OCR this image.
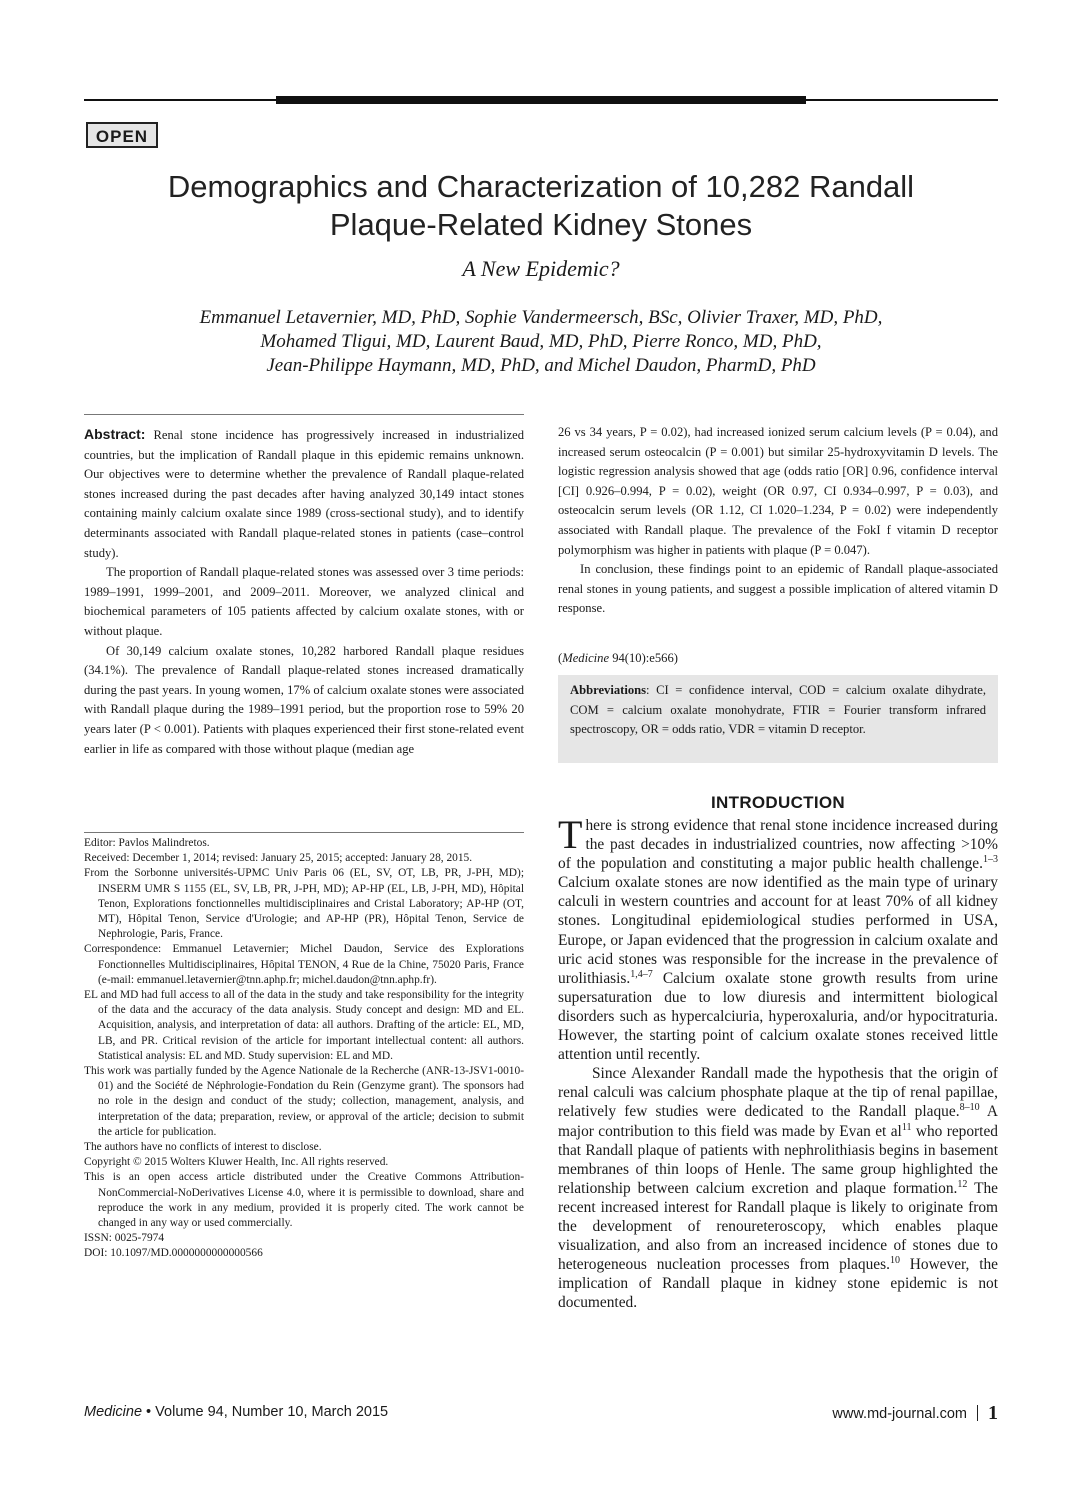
OPEN
Demographics and Characterization of 10,282 Randall
Plaque-Related Kidney Stones
A New Epidemic?
Emmanuel Letavernier, MD, PhD, Sophie Vandermeersch, BSc, Olivier Traxer, MD, PhD,
Mohamed Tligui, MD, Laurent Baud, MD, PhD, Pierre Ronco, MD, PhD,
Jean-Philippe Haymann, MD, PhD, and Michel Daudon, PharmD, PhD

Abstract: Renal stone incidence has progressively increased in industrialized countries, but the implication of Randall plaque in this epidemic remains unknown. Our objectives were to determine whether the prevalence of Randall plaque-related stones increased during the past decades after having analyzed 30,149 intact stones containing mainly calcium oxalate since 1989 (cross-sectional study), and to identify determinants associated with Randall plaque-related stones in patients (case–control study).

The proportion of Randall plaque-related stones was assessed over 3 time periods: 1989–1991, 1999–2001, and 2009–2011. Moreover, we analyzed clinical and biochemical parameters of 105 patients affected by calcium oxalate stones, with or without plaque.

Of 30,149 calcium oxalate stones, 10,282 harbored Randall plaque residues (34.1%). The prevalence of Randall plaque-related stones increased dramatically during the past years. In young women, 17% of calcium oxalate stones were associated with Randall plaque during the 1989–1991 period, but the proportion rose to 59% 20 years later (P < 0.001). Patients with plaques experienced their first stone-related event earlier in life as compared with those without plaque (median age

26 vs 34 years, P = 0.02), had increased ionized serum calcium levels (P = 0.04), and increased serum osteocalcin (P = 0.001) but similar 25-hydroxyvitamin D levels. The logistic regression analysis showed that age (odds ratio [OR] 0.96, confidence interval [CI] 0.926–0.994, P = 0.02), weight (OR 0.97, CI 0.934–0.997, P = 0.03), and osteocalcin serum levels (OR 1.12, CI 1.020–1.234, P = 0.02) were independently associated with Randall plaque. The prevalence of the FokI f vitamin D receptor polymorphism was higher in patients with plaque (P = 0.047).

In conclusion, these findings point to an epidemic of Randall plaque-associated renal stones in young patients, and suggest a possible implication of altered vitamin D response.

(Medicine 94(10):e566)
Abbreviations: CI = confidence interval, COD = calcium oxalate dihydrate, COM = calcium oxalate monohydrate, FTIR = Fourier transform infrared spectroscopy, OR = odds ratio, VDR = vitamin D receptor.

Editor: Pavlos Malindretos.

Received: December 1, 2014; revised: January 25, 2015; accepted: January 28, 2015.

From the Sorbonne universités-UPMC Univ Paris 06 (EL, SV, OT, LB, PR, J-PH, MD); INSERM UMR S 1155 (EL, SV, LB, PR, J-PH, MD); AP-HP (EL, LB, J-PH, MD), Hôpital Tenon, Explorations fonctionnelles multidisciplinaires and Cristal Laboratory; AP-HP (OT, MT), Hôpital Tenon, Service d'Urologie; and AP-HP (PR), Hôpital Tenon, Service de Nephrologie, Paris, France.

Correspondence: Emmanuel Letavernier; Michel Daudon, Service des Explorations Fonctionnelles Multidisciplinaires, Hôpital TENON, 4 Rue de la Chine, 75020 Paris, France (e-mail: emmanuel.letavernier@tnn.aphp.fr; michel.daudon@tnn.aphp.fr).

EL and MD had full access to all of the data in the study and take responsibility for the integrity of the data and the accuracy of the data analysis. Study concept and design: MD and EL. Acquisition, analysis, and interpretation of data: all authors. Drafting of the article: EL, MD, LB, and PR. Critical revision of the article for important intellectual content: all authors. Statistical analysis: EL and MD. Study supervision: EL and MD.

This work was partially funded by the Agence Nationale de la Recherche (ANR-13-JSV1-0010-01) and the Société de Néphrologie-Fondation du Rein (Genzyme grant). The sponsors had no role in the design and conduct of the study; collection, management, analysis, and interpretation of the data; preparation, review, or approval of the article; decision to submit the article for publication.

The authors have no conflicts of interest to disclose.

Copyright © 2015 Wolters Kluwer Health, Inc. All rights reserved.

This is an open access article distributed under the Creative Commons Attribution-NonCommercial-NoDerivatives License 4.0, where it is permissible to download, share and reproduce the work in any medium, provided it is properly cited. The work cannot be changed in any way or used commercially.

ISSN: 0025-7974

DOI: 10.1097/MD.0000000000000566

INTRODUCTION

There is strong evidence that renal stone incidence increased during the past decades in industrialized countries, now affecting >10% of the population and constituting a major public health challenge.$^{1-3}$ Calcium oxalate stones are now identified as the main type of urinary calculi in western countries and account for at least 70% of all kidney stones. Longitudinal epidemiological studies performed in USA, Europe, or Japan evidenced that the progression in calcium oxalate and uric acid stones was responsible for the increase in the prevalence of urolithiasis.$^{1,4-7}$ Calcium oxalate stone growth results from urine supersaturation due to low diuresis and intermittent biological disorders such as hypercalciuria, hyperoxaluria, and/or hypocitraturia. However, the starting point of calcium oxalate stones received little attention until recently.

Since Alexander Randall made the hypothesis that the origin of renal calculi was calcium phosphate plaque at the tip of renal papillae, relatively few studies were dedicated to the Randall plaque.$^{8-10}$ A major contribution to this field was made by Evan et $al^{11}$ who reported that Randall plaque of patients with nephrolithiasis begins in basement membranes of thin loops of Henle. The same group highlighted the relationship between calcium excretion and plaque formation.$^{12}$ The recent increased interest for Randall plaque is likely to originate from the development of renoureteroscopy, which enables plaque visualization, and also from an increased incidence of stones due to heterogeneous nucleation processes from plaques.$^{10}$ However, the implication of Randall plaque in kidney stone epidemic is not documented.

Medicine • Volume 94, Number 10, March 2015	www.md-journal.com 1
